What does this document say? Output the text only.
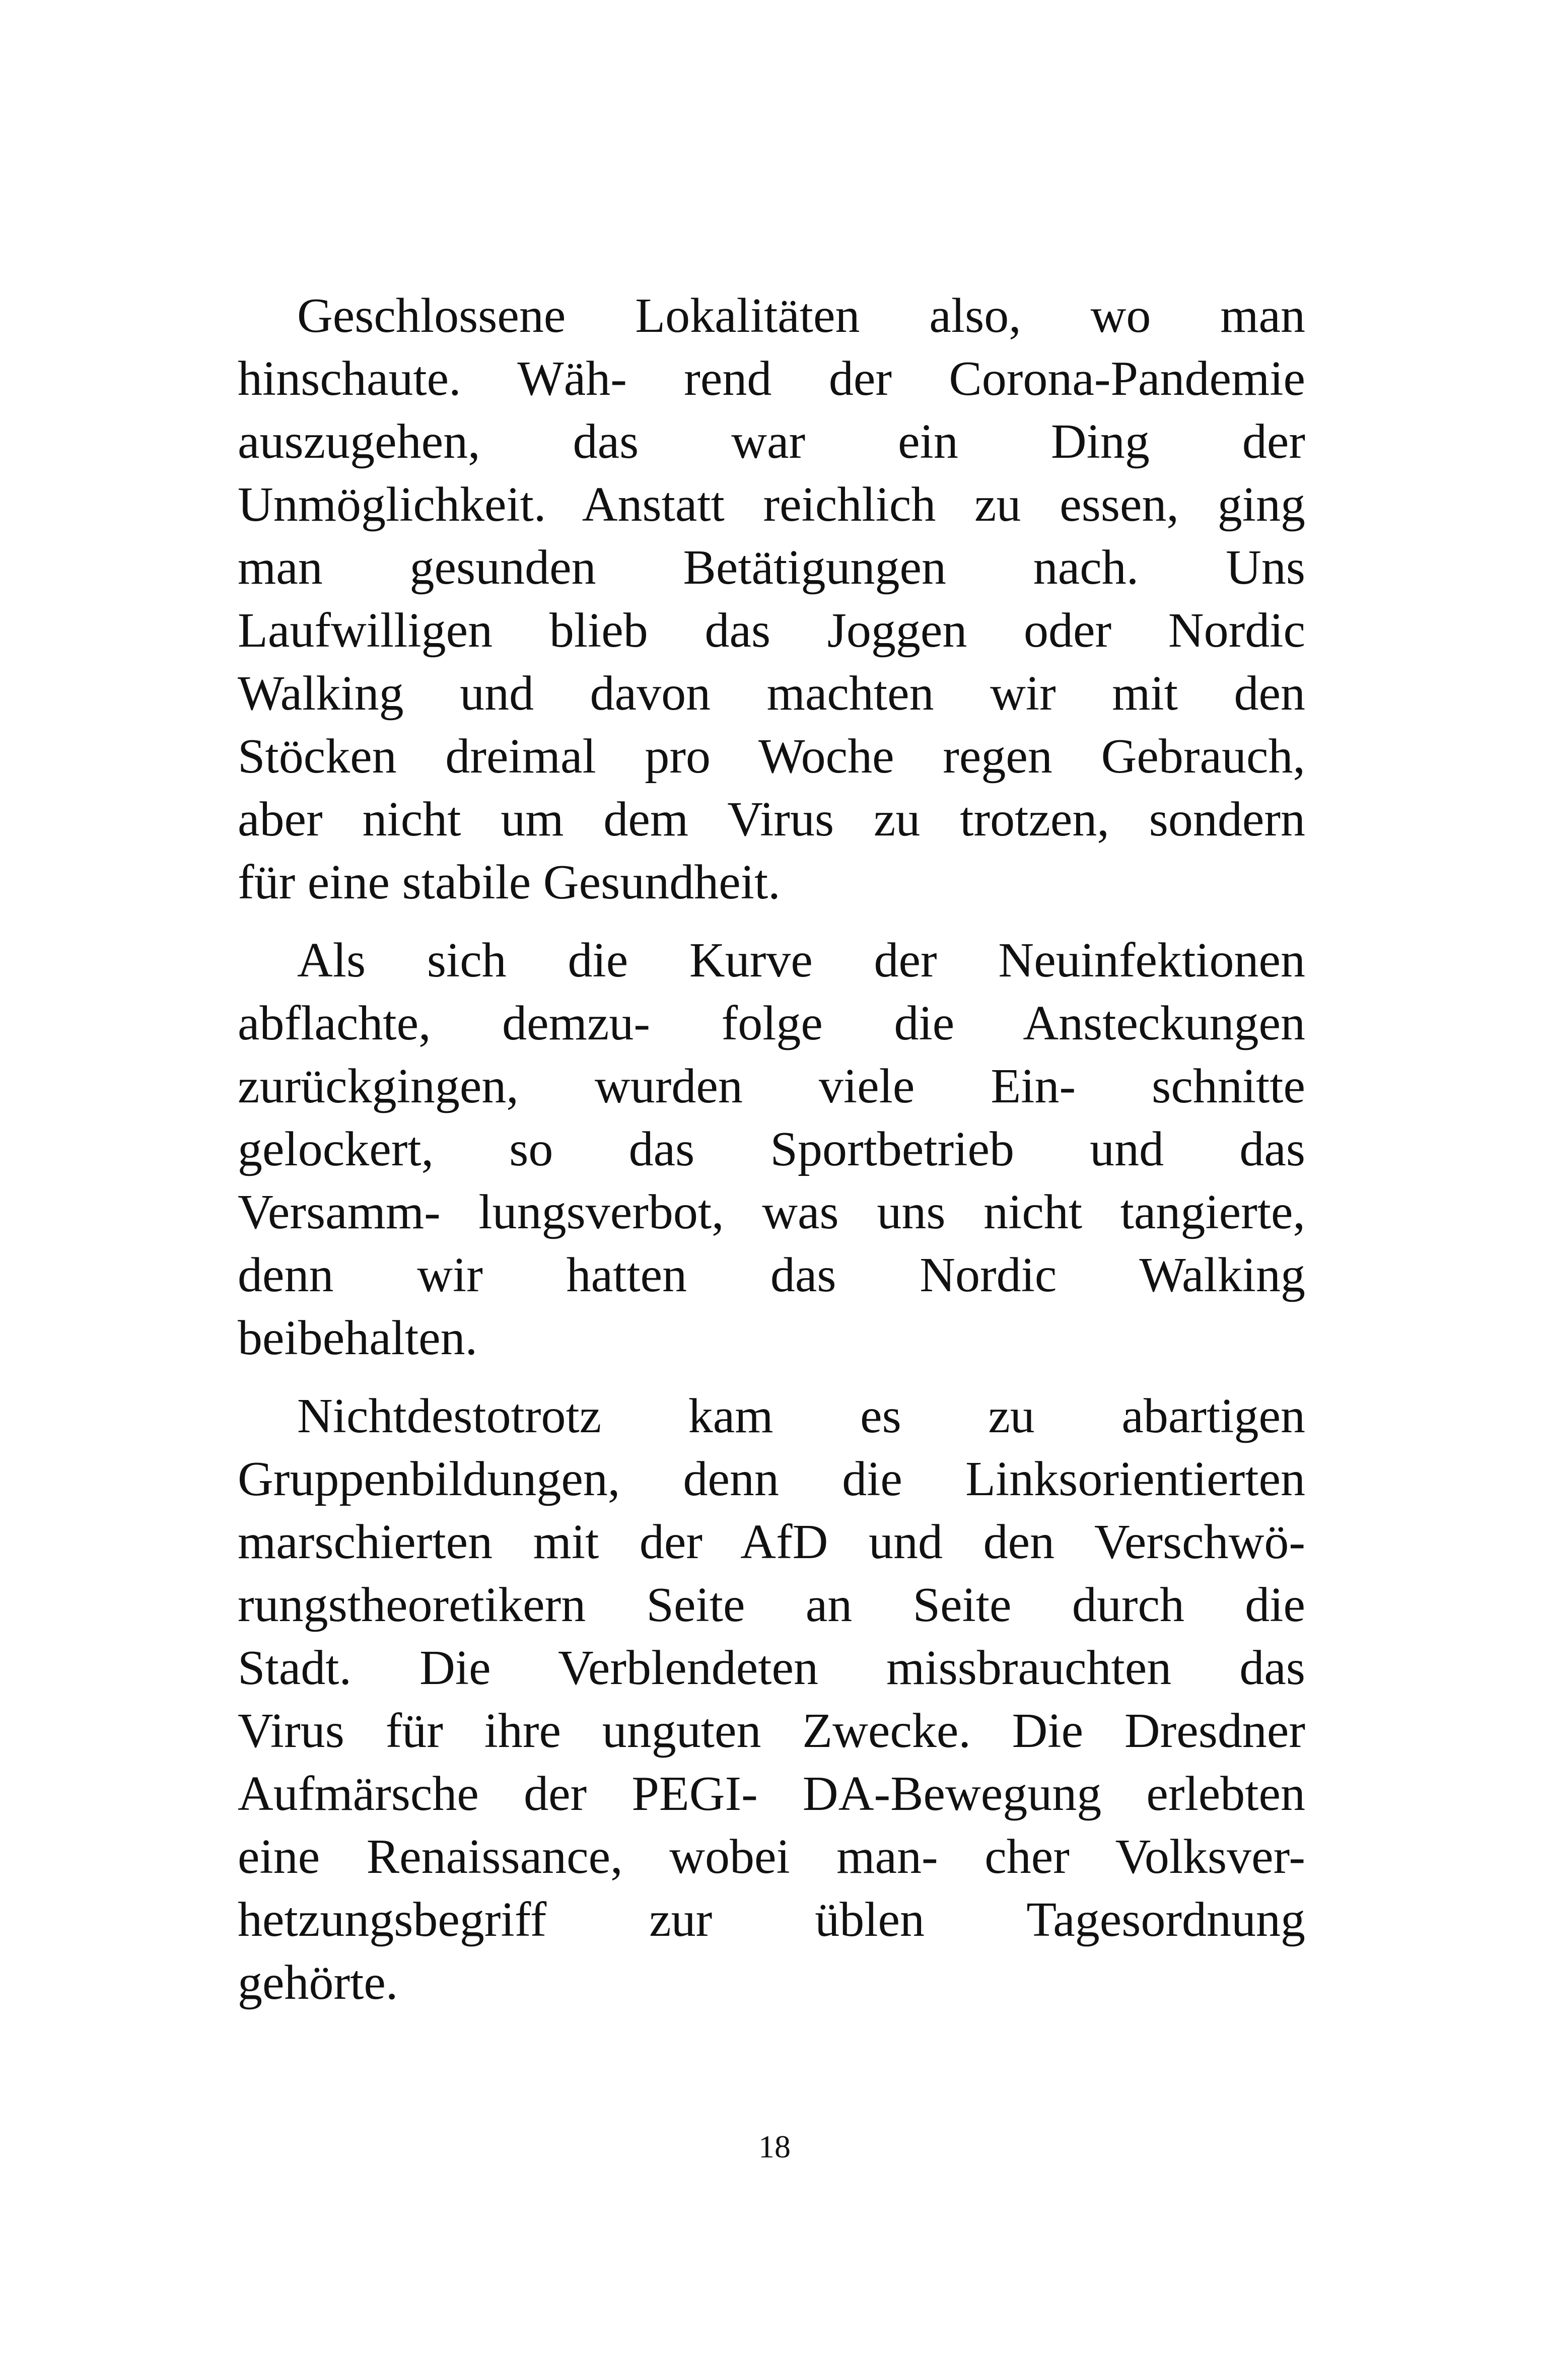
Geschlossene Lokalitäten also, wo man
hinschaute. Wäh- rend der Corona-Pandemie
auszugehen, das war ein Ding der
Unmöglichkeit. Anstatt reichlich zu essen, ging
man gesunden Betätigungen nach. Uns
Laufwilligen blieb das Joggen oder Nordic
Walking und davon machten wir mit den
Stöcken dreimal pro Woche regen Gebrauch,
aber nicht um dem Virus zu trotzen, sondern
für eine stabile Gesundheit.
Als sich die Kurve der Neuinfektionen
abflachte, demzu- folge die Ansteckungen
zurückgingen, wurden viele Ein- schnitte
gelockert, so das Sportbetrieb und das
Versamm- lungsverbot, was uns nicht tangierte,
denn wir hatten das Nordic Walking
beibehalten.
Nichtdestotrotz kam es zu abartigen
Gruppenbildungen, denn die Linksorientierten
marschierten mit der AfD und den Verschwö-
rungstheoretikern Seite an Seite durch die
Stadt. Die Verblendeten missbrauchten das
Virus für ihre unguten Zwecke. Die Dresdner
Aufmärsche der PEGI- DA-Bewegung erlebten
eine Renaissance, wobei man- cher Volksver-
hetzungsbegriff zur üblen Tagesordnung
gehörte.
18
